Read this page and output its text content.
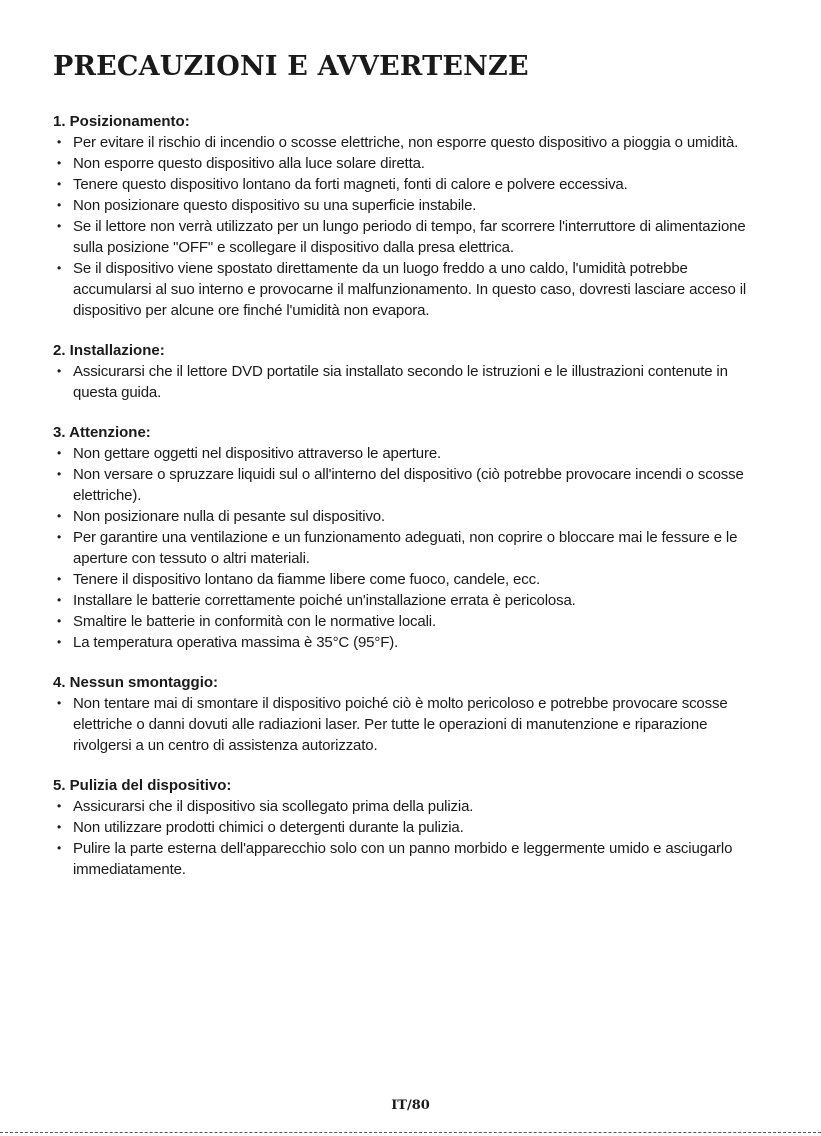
PRECAUZIONI E AVVERTENZE
1. Posizionamento:
• Per evitare il rischio di incendio o scosse elettriche, non esporre questo dispositivo a pioggia o umidità.
• Non esporre questo dispositivo alla luce solare diretta.
• Tenere questo dispositivo lontano da forti magneti, fonti di calore e polvere eccessiva.
• Non posizionare questo dispositivo su una superficie instabile.
• Se il lettore non verrà utilizzato per un lungo periodo di tempo, far scorrere l'interruttore di alimentazione sulla posizione "OFF" e scollegare il dispositivo dalla presa elettrica.
• Se il dispositivo viene spostato direttamente da un luogo freddo a uno caldo, l'umidità potrebbe accumularsi al suo interno e provocarne il malfunzionamento. In questo caso, dovresti lasciare acceso il dispositivo per alcune ore finché l'umidità non evapora.
2. Installazione:
• Assicurarsi che il lettore DVD portatile sia installato secondo le istruzioni e le illustrazioni contenute in questa guida.
3. Attenzione:
• Non gettare oggetti nel dispositivo attraverso le aperture.
• Non versare o spruzzare liquidi sul o all'interno del dispositivo (ciò potrebbe provocare incendi o scosse elettriche).
• Non posizionare nulla di pesante sul dispositivo.
• Per garantire una ventilazione e un funzionamento adeguati, non coprire o bloccare mai le fessure e le aperture con tessuto o altri materiali.
• Tenere il dispositivo lontano da fiamme libere come fuoco, candele, ecc.
• Installare le batterie correttamente poiché un'installazione errata è pericolosa.
• Smaltire le batterie in conformità con le normative locali.
• La temperatura operativa massima è 35°C (95°F).
4. Nessun smontaggio:
• Non tentare mai di smontare il dispositivo poiché ciò è molto pericoloso e potrebbe provocare scosse elettriche o danni dovuti alle radiazioni laser. Per tutte le operazioni di manutenzione e riparazione rivolgersi a un centro di assistenza autorizzato.
5. Pulizia del dispositivo:
• Assicurarsi che il dispositivo sia scollegato prima della pulizia.
• Non utilizzare prodotti chimici o detergenti durante la pulizia.
• Pulire la parte esterna dell'apparecchio solo con un panno morbido e leggermente umido e asciugarlo immediatamente.
IT/80
